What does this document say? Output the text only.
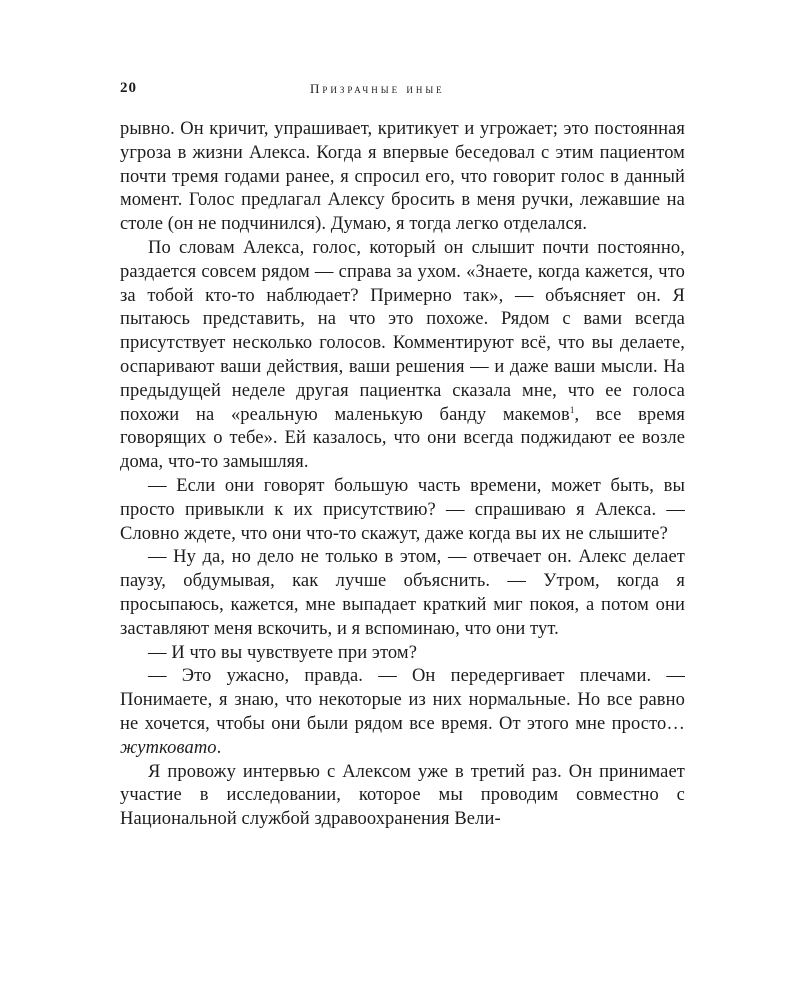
20	Призрачные иные

рывно. Он кричит, упрашивает, критикует и угрожает; это постоянная угроза в жизни Алекса. Когда я впервые беседовал с этим пациентом почти тремя годами ранее, я спросил его, что говорит голос в данный момент. Голос предлагал Алексу бросить в меня ручки, лежавшие на столе (он не подчинился). Думаю, я тогда легко отделался.

По словам Алекса, голос, который он слышит почти постоянно, раздается совсем рядом — справа за ухом. «Знаете, когда кажется, что за тобой кто-то наблюдает? Примерно так», — объясняет он. Я пытаюсь представить, на что это похоже. Рядом с вами всегда присутствует несколько голосов. Комментируют всё, что вы делаете, оспаривают ваши действия, ваши решения — и даже ваши мысли. На предыдущей неделе другая пациентка сказала мне, что ее голоса похожи на «реальную маленькую банду макемов$^1$, все время говорящих о тебе». Ей казалось, что они всегда поджидают ее возле дома, что-то замышляя.

— Если они говорят большую часть времени, может быть, вы просто привыкли к их присутствию? — спрашиваю я Алекса. — Словно ждете, что они что-то скажут, даже когда вы их не слышите?

— Ну да, но дело не только в этом, — отвечает он. Алекс делает паузу, обдумывая, как лучше объяснить. — Утром, когда я просыпаюсь, кажется, мне выпадает краткий миг покоя, а потом они заставляют меня вскочить, и я вспоминаю, что они тут.

— И что вы чувствуете при этом?

— Это ужасно, правда. — Он передергивает плечами. — Понимаете, я знаю, что некоторые из них нормальные. Но все равно не хочется, чтобы они были рядом все время. От этого мне просто… жутковато.

Я провожу интервью с Алексом уже в третий раз. Он принимает участие в исследовании, которое мы проводим совместно с Национальной службой здравоохранения Вели-
